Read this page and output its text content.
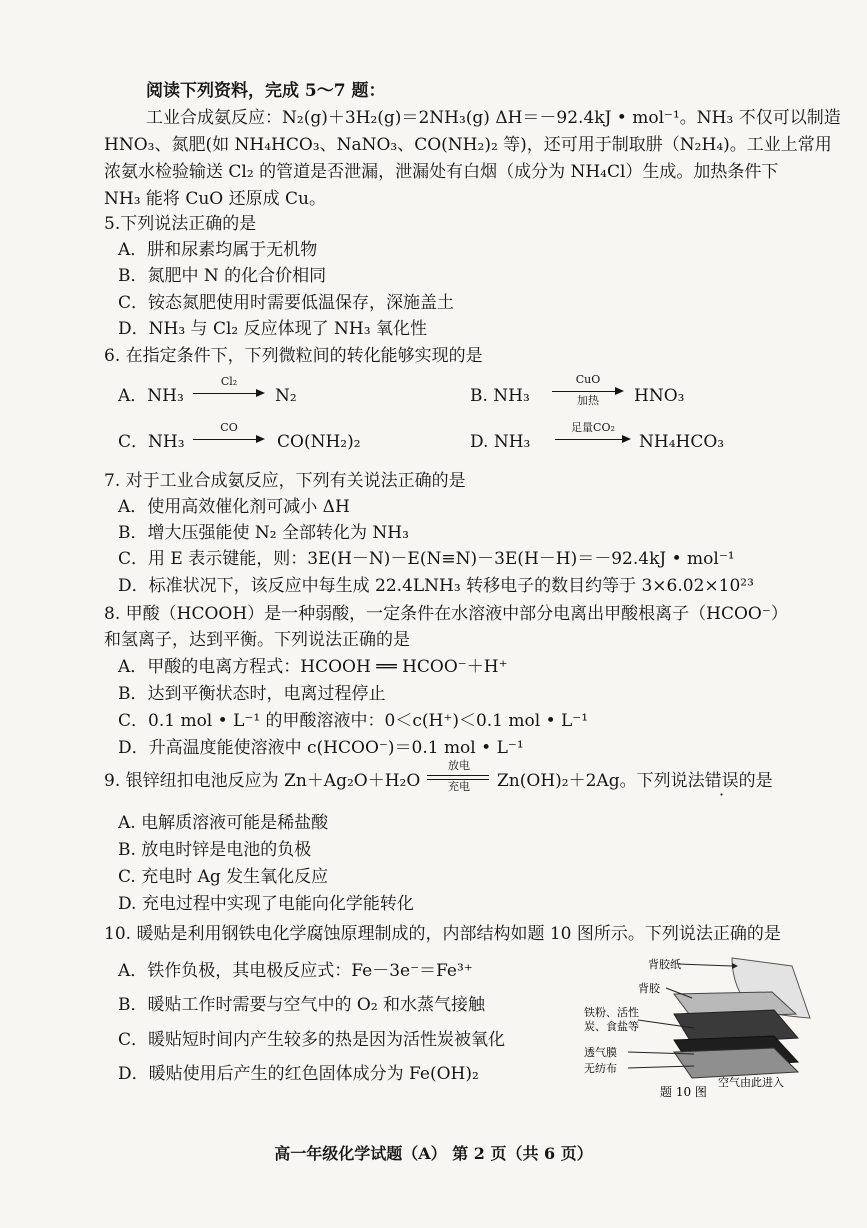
阅读下列资料，完成 5～7 题：
工业合成氨反应：N₂(g)＋3H₂(g)＝2NH₃(g) ΔH＝－92.4kJ • mol⁻¹。NH₃ 不仅可以制造
HNO₃、氮肥(如 NH₄HCO₃、NaNO₃、CO(NH₂)₂ 等)，还可用于制取肼（N₂H₄)。工业上常用
浓氨水检验输送 Cl₂ 的管道是否泄漏，泄漏处有白烟（成分为 NH₄Cl）生成。加热条件下
NH₃ 能将 CuO 还原成 Cu。
5.下列说法正确的是
A．肼和尿素均属于无机物
B．氮肥中 N 的化合价相同
C．铵态氮肥使用时需要低温保存，深施盖土
D．NH₃ 与 Cl₂ 反应体现了 NH₃ 氧化性
6. 在指定条件下，下列微粒间的转化能够实现的是
A．NH₃
Cl₂
N₂	B. NH₃
CuO
加热	HNO₃
C．NH₃
CO
CO(NH₂)₂	D. NH₃
足量CO₂
NH₄HCO₃
7. 对于工业合成氨反应，下列有关说法正确的是
A．使用高效催化剂可减小 ΔH
B．增大压强能使 N₂ 全部转化为 NH₃
C．用 E 表示键能，则：3E(H－N)－E(N≡N)－3E(H－H)＝－92.4kJ • mol⁻¹
D．标准状况下，该反应中每生成 22.4LNH₃ 转移电子的数目约等于 3×6.02×10²³
8. 甲酸（HCOOH）是一种弱酸，一定条件在水溶液中部分电离出甲酸根离子（HCOO⁻）
和氢离子，达到平衡。下列说法正确的是
A．甲酸的电离方程式：HCOOH ══ HCOO⁻＋H⁺
B．达到平衡状态时，电离过程停止
C．0.1 mol • L⁻¹ 的甲酸溶液中：0＜c(H⁺)＜0.1 mol • L⁻¹
D．升高温度能使溶液中 c(HCOO⁻)＝0.1 mol • L⁻¹
9. 银锌纽扣电池反应为 Zn＋Ag₂O＋H₂O
放电
充电	Zn(OH)₂＋2Ag。下列说法错误的是
A. 电解质溶液可能是稀盐酸
B. 放电时锌是电池的负极
C. 充电时 Ag 发生氧化反应
D. 充电过程中实现了电能向化学能转化
10. 暖贴是利用钢铁电化学腐蚀原理制成的，内部结构如题 10 图所示。下列说法正确的是
A．铁作负极，其电极反应式：Fe－3e⁻＝Fe³⁺
B．暖贴工作时需要与空气中的 O₂ 和水蒸气接触
C．暖贴短时间内产生较多的热是因为活性炭被氧化
D．暖贴使用后产生的红色固体成分为 Fe(OH)₂
背胶纸
背胶
铁粉、活性
炭、食盐等
透气膜
无纺布
空气由此进入
题 10 图
高一年级化学试题（A） 第 2 页（共 6 页）
